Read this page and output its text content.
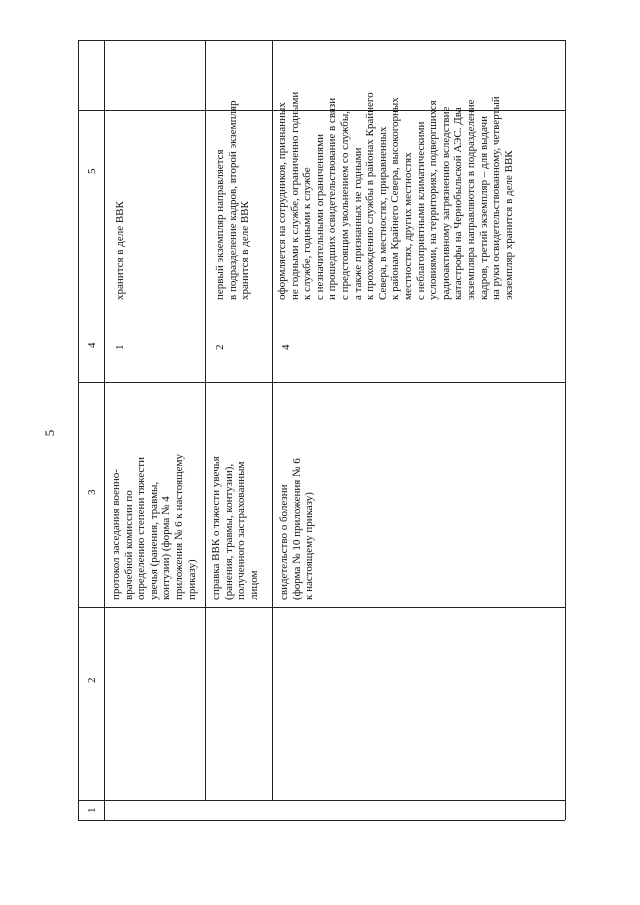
5
5
4
3
2
1
протокол заседания военно-
врачебной комиссии по
определению степени тяжести
увечья (ранения, травмы,
контузии) (форма № 4
приложения № 6 к настоящему
приказу)
1
хранится в деле ВВК
справка ВВК о тяжести увечья
(ранения, травмы, контузии),
полученного застрахованным
лицом
2
первый экземпляр направляется
в подразделение кадров, второй экземпляр
хранится в деле ВВК
свидетельство о болезни
(форма № 10 приложения № 6
к настоящему приказу)
4
оформляется на сотрудников, признанных
не годными к службе, ограниченно годными
к службе, годными к службе
с незначительными ограничениями
и прошедших освидетельствование в связи
с предстоящим увольнением со службы,
а также признанных не годными
к прохождению службы в районах Крайнего
Севера, в местностях, приравненных
к районам Крайнего Севера, высокогорных
местностях, других местностях
с неблагоприятными климатическими
условиями, на территориях, подвергшихся
радиоактивному загрязнению вследствие
катастрофы на Чернобыльской АЭС. Два
экземпляра направляются в подразделение
кадров, третий экземпляр – для выдачи
на руки освидетельствованному, четвертый
экземпляр хранится в деле ВВК
